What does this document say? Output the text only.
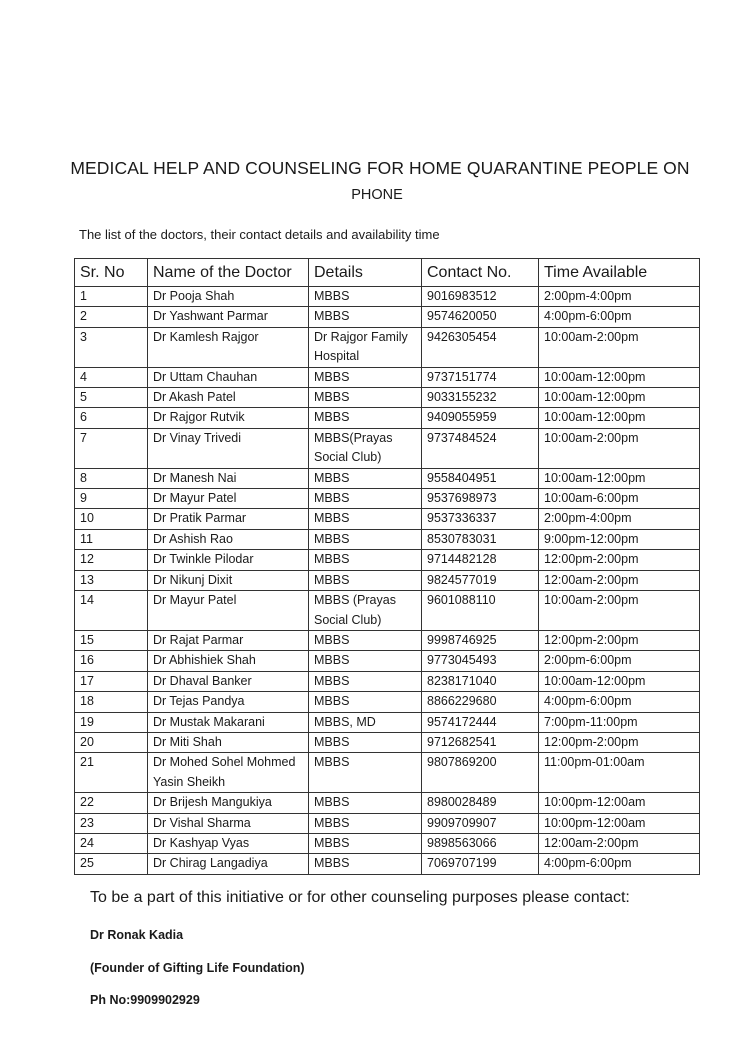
MEDICAL HELP AND COUNSELING FOR HOME QUARANTINE PEOPLE ON
PHONE
The list of the doctors, their contact details and availability time
Sr. No	Name of the Doctor	Details	Contact No.	Time Available
1	Dr Pooja Shah	MBBS	9016983512	2:00pm-4:00pm
2	Dr Yashwant Parmar	MBBS	9574620050	4:00pm-6:00pm
3	Dr Kamlesh Rajgor	Dr Rajgor Family Hospital	9426305454	10:00am-2:00pm
4	Dr Uttam Chauhan	MBBS	9737151774	10:00am-12:00pm
5	Dr Akash Patel	MBBS	9033155232	10:00am-12:00pm
6	Dr Rajgor Rutvik	MBBS	9409055959	10:00am-12:00pm
7	Dr Vinay Trivedi	MBBS(Prayas Social Club)	9737484524	10:00am-2:00pm
8	Dr Manesh Nai	MBBS	9558404951	10:00am-12:00pm
9	Dr Mayur Patel	MBBS	9537698973	10:00am-6:00pm
10	Dr Pratik Parmar	MBBS	9537336337	2:00pm-4:00pm
11	Dr Ashish Rao	MBBS	8530783031	9:00pm-12:00pm
12	Dr Twinkle Pilodar	MBBS	9714482128	12:00pm-2:00pm
13	Dr Nikunj Dixit	MBBS	9824577019	12:00am-2:00pm
14	Dr Mayur Patel	MBBS (Prayas Social Club)	9601088110	10:00am-2:00pm
15	Dr Rajat Parmar	MBBS	9998746925	12:00pm-2:00pm
16	Dr Abhishiek Shah	MBBS	9773045493	2:00pm-6:00pm
17	Dr Dhaval Banker	MBBS	8238171040	10:00am-12:00pm
18	Dr Tejas Pandya	MBBS	8866229680	4:00pm-6:00pm
19	Dr Mustak Makarani	MBBS, MD	9574172444	7:00pm-11:00pm
20	Dr Miti Shah	MBBS	9712682541	12:00pm-2:00pm
21	Dr Mohed Sohel Mohmed Yasin Sheikh	MBBS	9807869200	11:00pm-01:00am
22	Dr Brijesh Mangukiya	MBBS	8980028489	10:00pm-12:00am
23	Dr Vishal Sharma	MBBS	9909709907	10:00pm-12:00am
24	Dr Kashyap Vyas	MBBS	9898563066	12:00am-2:00pm
25	Dr Chirag Langadiya	MBBS	7069707199	4:00pm-6:00pm
To be a part of this initiative or for other counseling purposes please contact:
Dr Ronak Kadia
(Founder of Gifting Life Foundation)
Ph No:9909902929
